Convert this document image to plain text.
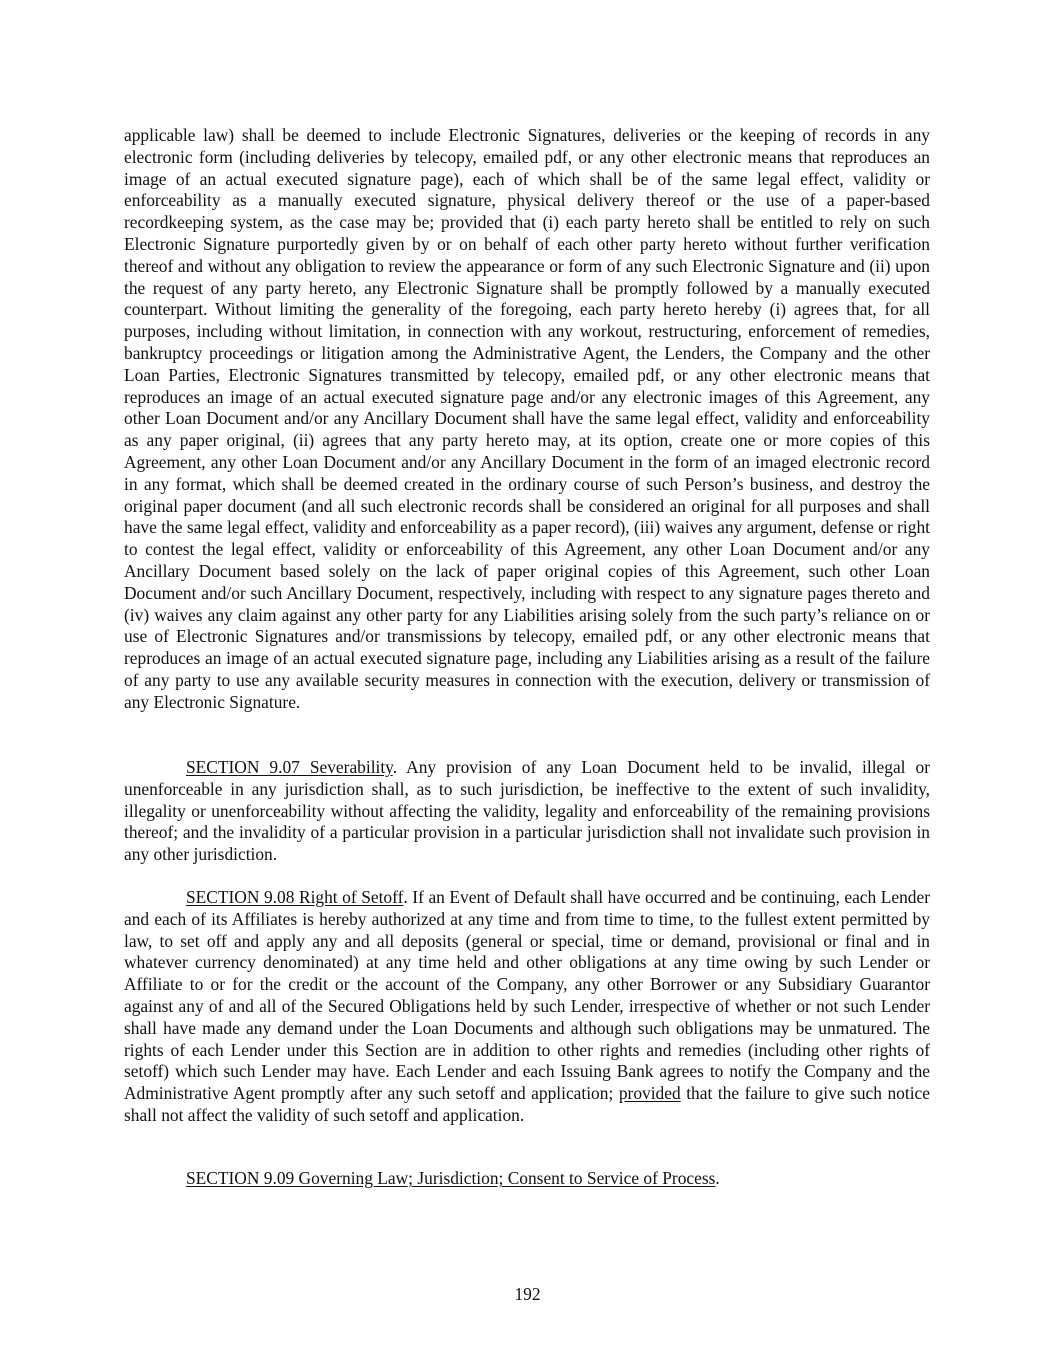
applicable law) shall be deemed to include Electronic Signatures, deliveries or the keeping of records in any electronic form (including deliveries by telecopy, emailed pdf, or any other electronic means that reproduces an image of an actual executed signature page), each of which shall be of the same legal effect, validity or enforceability as a manually executed signature, physical delivery thereof or the use of a paper-based recordkeeping system, as the case may be; provided that (i) each party hereto shall be entitled to rely on such Electronic Signature purportedly given by or on behalf of each other party hereto without further verification thereof and without any obligation to review the appearance or form of any such Electronic Signature and (ii) upon the request of any party hereto, any Electronic Signature shall be promptly followed by a manually executed counterpart. Without limiting the generality of the foregoing, each party hereto hereby (i) agrees that, for all purposes, including without limitation, in connection with any workout, restructuring, enforcement of remedies, bankruptcy proceedings or litigation among the Administrative Agent, the Lenders, the Company and the other Loan Parties, Electronic Signatures transmitted by telecopy, emailed pdf, or any other electronic means that reproduces an image of an actual executed signature page and/or any electronic images of this Agreement, any other Loan Document and/or any Ancillary Document shall have the same legal effect, validity and enforceability as any paper original, (ii) agrees that any party hereto may, at its option, create one or more copies of this Agreement, any other Loan Document and/or any Ancillary Document in the form of an imaged electronic record in any format, which shall be deemed created in the ordinary course of such Person’s business, and destroy the original paper document (and all such electronic records shall be considered an original for all purposes and shall have the same legal effect, validity and enforceability as a paper record), (iii) waives any argument, defense or right to contest the legal effect, validity or enforceability of this Agreement, any other Loan Document and/or any Ancillary Document based solely on the lack of paper original copies of this Agreement, such other Loan Document and/or such Ancillary Document, respectively, including with respect to any signature pages thereto and (iv) waives any claim against any other party for any Liabilities arising solely from the such party’s reliance on or use of Electronic Signatures and/or transmissions by telecopy, emailed pdf, or any other electronic means that reproduces an image of an actual executed signature page, including any Liabilities arising as a result of the failure of any party to use any available security measures in connection with the execution, delivery or transmission of any Electronic Signature.

SECTION 9.07 Severability. Any provision of any Loan Document held to be invalid, illegal or unenforceable in any jurisdiction shall, as to such jurisdiction, be ineffective to the extent of such invalidity, illegality or unenforceability without affecting the validity, legality and enforceability of the remaining provisions thereof; and the invalidity of a particular provision in a particular jurisdiction shall not invalidate such provision in any other jurisdiction.

SECTION 9.08 Right of Setoff. If an Event of Default shall have occurred and be continuing, each Lender and each of its Affiliates is hereby authorized at any time and from time to time, to the fullest extent permitted by law, to set off and apply any and all deposits (general or special, time or demand, provisional or final and in whatever currency denominated) at any time held and other obligations at any time owing by such Lender or Affiliate to or for the credit or the account of the Company, any other Borrower or any Subsidiary Guarantor against any of and all of the Secured Obligations held by such Lender, irrespective of whether or not such Lender shall have made any demand under the Loan Documents and although such obligations may be unmatured. The rights of each Lender under this Section are in addition to other rights and remedies (including other rights of setoff) which such Lender may have. Each Lender and each Issuing Bank agrees to notify the Company and the Administrative Agent promptly after any such setoff and application; provided that the failure to give such notice shall not affect the validity of such setoff and application.

SECTION 9.09 Governing Law; Jurisdiction; Consent to Service of Process.

192
